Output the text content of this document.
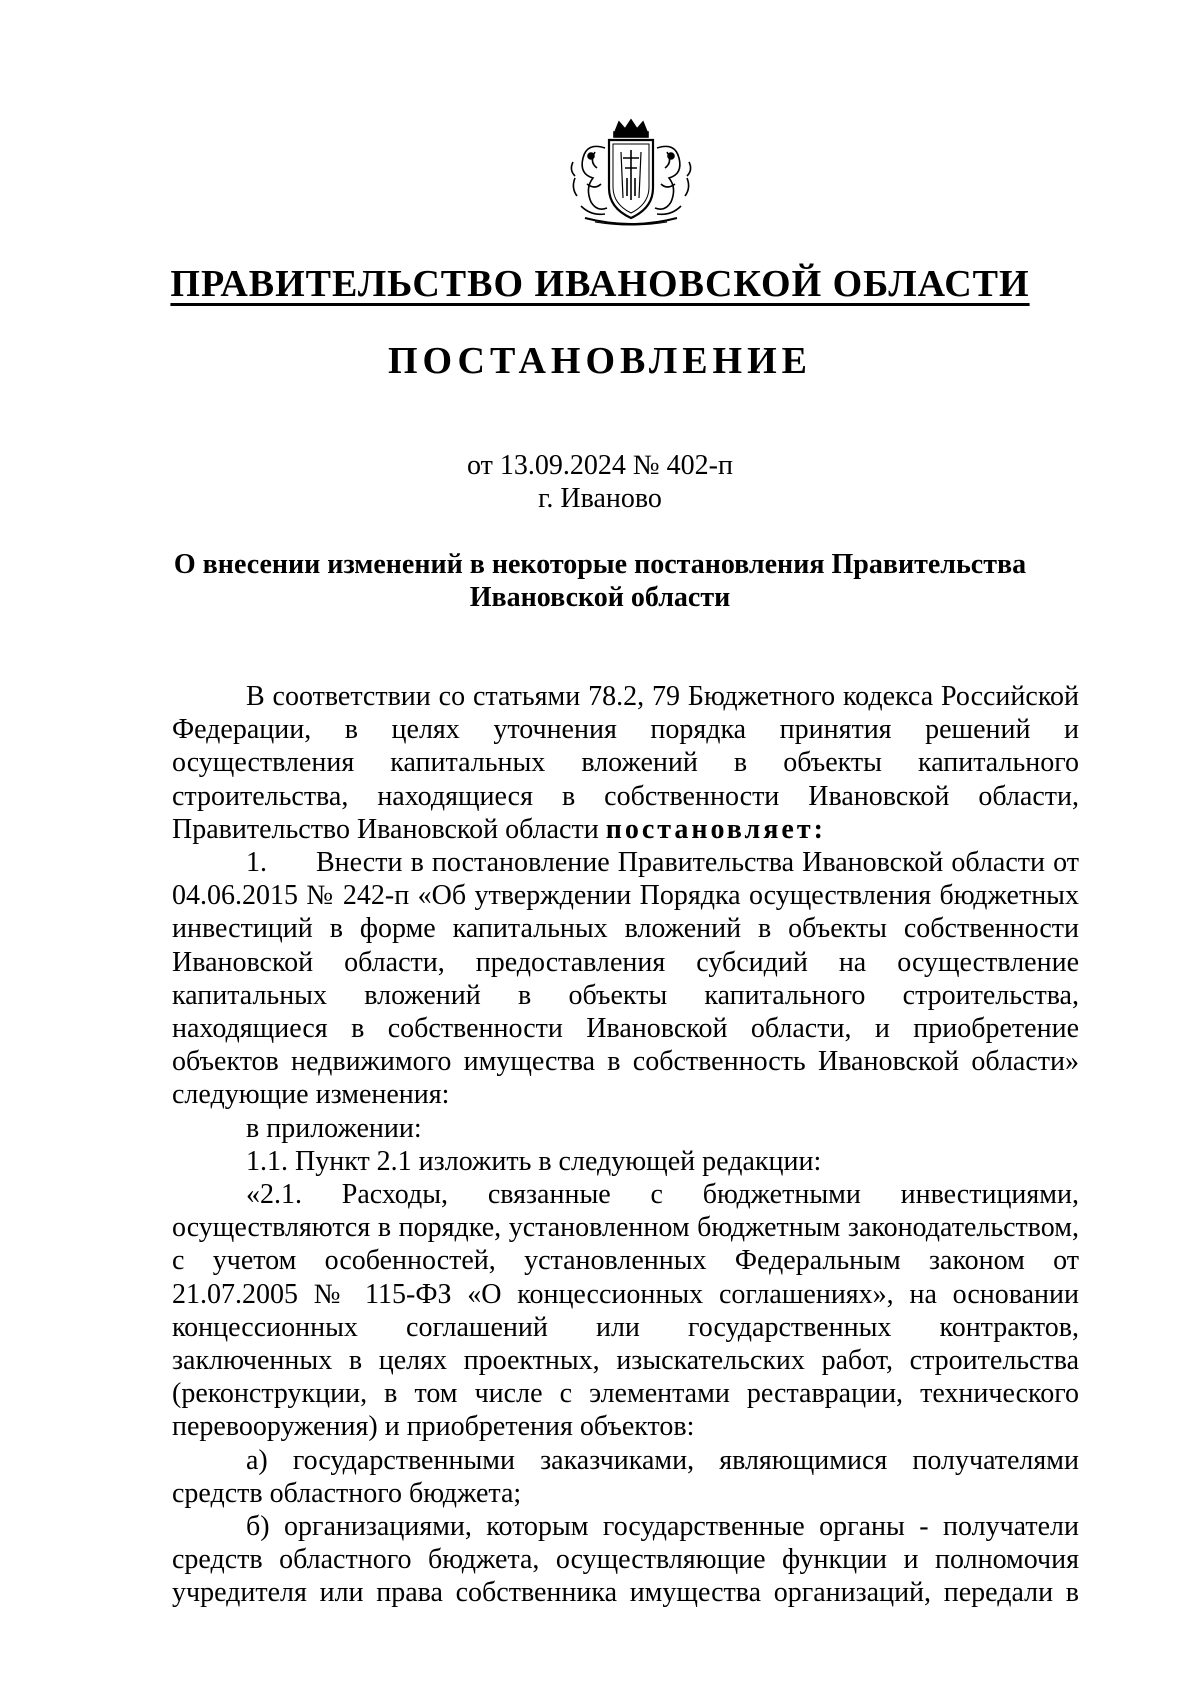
ПРАВИТЕЛЬСТВО ИВАНОВСКОЙ ОБЛАСТИ
ПОСТАНОВЛЕНИЕ
от 13.09.2024 № 402-п
г. Иваново
О внесении изменений в некоторые постановления Правительства Ивановской области

В соответствии со статьями 78.2, 79 Бюджетного кодекса Российской Федерации, в целях уточнения порядка принятия решений и осуществления капитальных вложений в объекты капитального строительства, находящиеся в собственности Ивановской области, Правительство Ивановской области постановляет:

1. Внести в постановление Правительства Ивановской области от 04.06.2015 № 242-п «Об утверждении Порядка осуществления бюджетных инвестиций в форме капитальных вложений в объекты собственности Ивановской области, предоставления субсидий на осуществление капитальных вложений в объекты капитального строительства, находящиеся в собственности Ивановской области, и приобретение объектов недвижимого имущества в собственность Ивановской области» следующие изменения:

в приложении:

1.1. Пункт 2.1 изложить в следующей редакции:

«2.1. Расходы, связанные с бюджетными инвестициями, осуществляются в порядке, установленном бюджетным законодательством, с учетом особенностей, установленных Федеральным законом от 21.07.2005 № 115-ФЗ «О концессионных соглашениях», на основании концессионных соглашений или государственных контрактов, заключенных в целях проектных, изыскательских работ, строительства (реконструкции, в том числе с элементами реставрации, технического перевооружения) и приобретения объектов:

а) государственными заказчиками, являющимися получателями средств областного бюджета;

б) организациями, которым государственные органы - получатели средств областного бюджета, осуществляющие функции и полномочия учредителя или права собственника имущества организаций, передали в
